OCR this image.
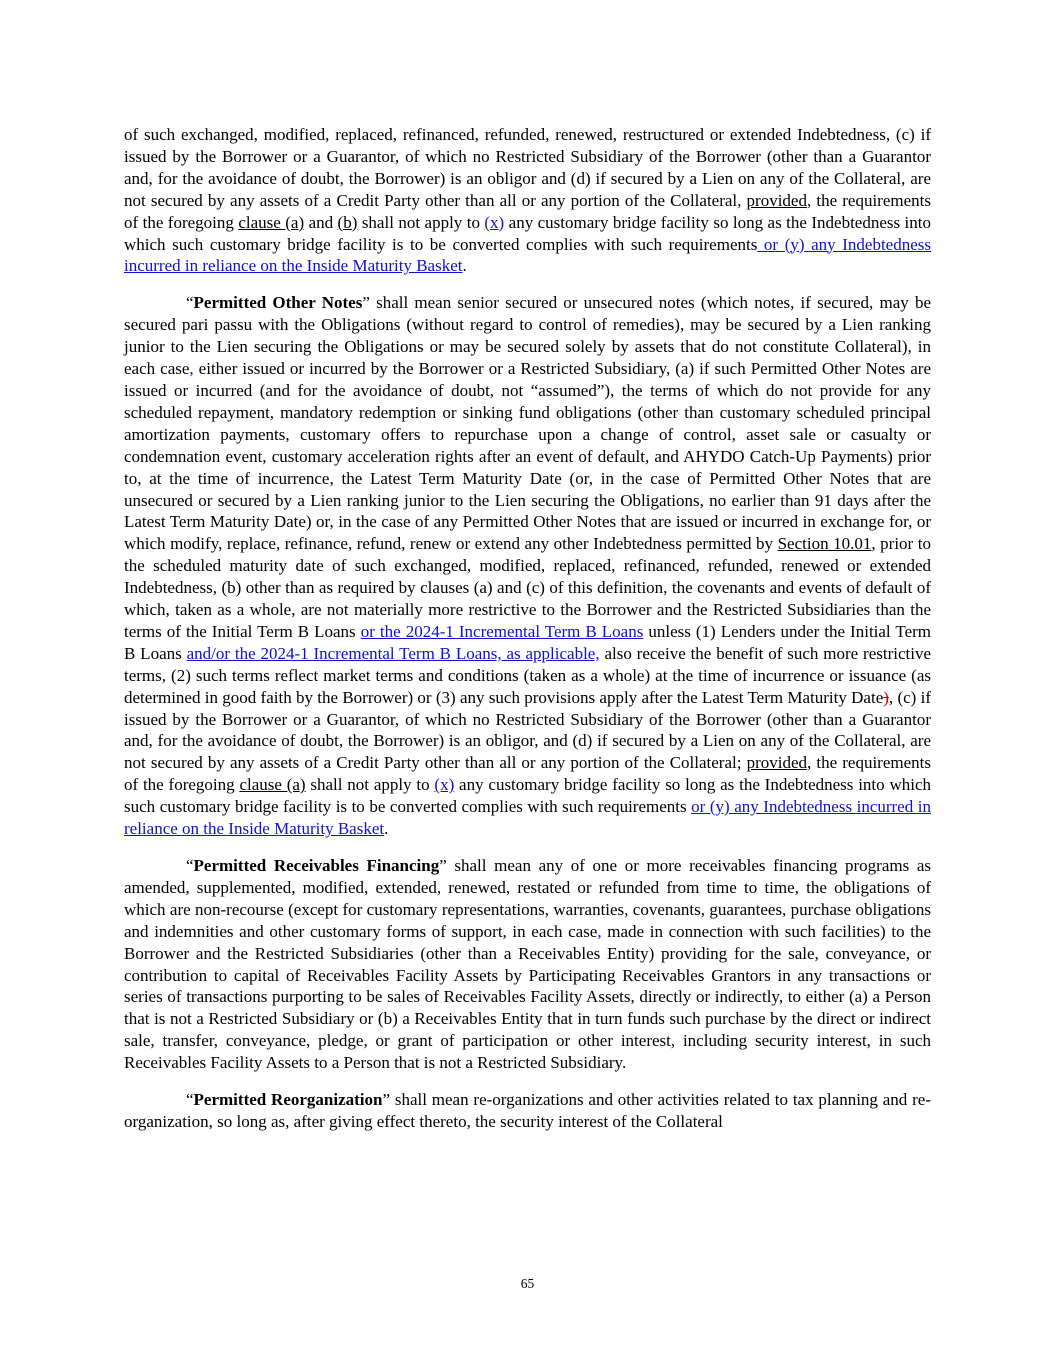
of such exchanged, modified, replaced, refinanced, refunded, renewed, restructured or extended Indebtedness, (c) if issued by the Borrower or a Guarantor, of which no Restricted Subsidiary of the Borrower (other than a Guarantor and, for the avoidance of doubt, the Borrower) is an obligor and (d) if secured by a Lien on any of the Collateral, are not secured by any assets of a Credit Party other than all or any portion of the Collateral, provided, the requirements of the foregoing clause (a) and (b) shall not apply to (x) any customary bridge facility so long as the Indebtedness into which such customary bridge facility is to be converted complies with such requirements or (y) any Indebtedness incurred in reliance on the Inside Maturity Basket.

“Permitted Other Notes” shall mean senior secured or unsecured notes (which notes, if secured, may be secured pari passu with the Obligations (without regard to control of remedies), may be secured by a Lien ranking junior to the Lien securing the Obligations or may be secured solely by assets that do not constitute Collateral), in each case, either issued or incurred by the Borrower or a Restricted Subsidiary, (a) if such Permitted Other Notes are issued or incurred (and for the avoidance of doubt, not “assumed”), the terms of which do not provide for any scheduled repayment, mandatory redemption or sinking fund obligations (other than customary scheduled principal amortization payments, customary offers to repurchase upon a change of control, asset sale or casualty or condemnation event, customary acceleration rights after an event of default, and AHYDO Catch-Up Payments) prior to, at the time of incurrence, the Latest Term Maturity Date (or, in the case of Permitted Other Notes that are unsecured or secured by a Lien ranking junior to the Lien securing the Obligations, no earlier than 91 days after the Latest Term Maturity Date) or, in the case of any Permitted Other Notes that are issued or incurred in exchange for, or which modify, replace, refinance, refund, renew or extend any other Indebtedness permitted by Section 10.01, prior to the scheduled maturity date of such exchanged, modified, replaced, refinanced, refunded, renewed or extended Indebtedness, (b) other than as required by clauses (a) and (c) of this definition, the covenants and events of default of which, taken as a whole, are not materially more restrictive to the Borrower and the Restricted Subsidiaries than the terms of the Initial Term B Loans or the 2024-1 Incremental Term B Loans unless (1) Lenders under the Initial Term B Loans and/or the 2024-1 Incremental Term B Loans, as applicable, also receive the benefit of such more restrictive terms, (2) such terms reflect market terms and conditions (taken as a whole) at the time of incurrence or issuance (as determined in good faith by the Borrower) or (3) any such provisions apply after the Latest Term Maturity Date), (c) if issued by the Borrower or a Guarantor, of which no Restricted Subsidiary of the Borrower (other than a Guarantor and, for the avoidance of doubt, the Borrower) is an obligor, and (d) if secured by a Lien on any of the Collateral, are not secured by any assets of a Credit Party other than all or any portion of the Collateral; provided, the requirements of the foregoing clause (a) shall not apply to (x) any customary bridge facility so long as the Indebtedness into which such customary bridge facility is to be converted complies with such requirements or (y) any Indebtedness incurred in reliance on the Inside Maturity Basket.

“Permitted Receivables Financing” shall mean any of one or more receivables financing programs as amended, supplemented, modified, extended, renewed, restated or refunded from time to time, the obligations of which are non-recourse (except for customary representations, warranties, covenants, guarantees, purchase obligations and indemnities and other customary forms of support, in each case, made in connection with such facilities) to the Borrower and the Restricted Subsidiaries (other than a Receivables Entity) providing for the sale, conveyance, or contribution to capital of Receivables Facility Assets by Participating Receivables Grantors in any transactions or series of transactions purporting to be sales of Receivables Facility Assets, directly or indirectly, to either (a) a Person that is not a Restricted Subsidiary or (b) a Receivables Entity that in turn funds such purchase by the direct or indirect sale, transfer, conveyance, pledge, or grant of participation or other interest, including security interest, in such Receivables Facility Assets to a Person that is not a Restricted Subsidiary.

“Permitted Reorganization” shall mean re-organizations and other activities related to tax planning and re-organization, so long as, after giving effect thereto, the security interest of the Collateral

65
